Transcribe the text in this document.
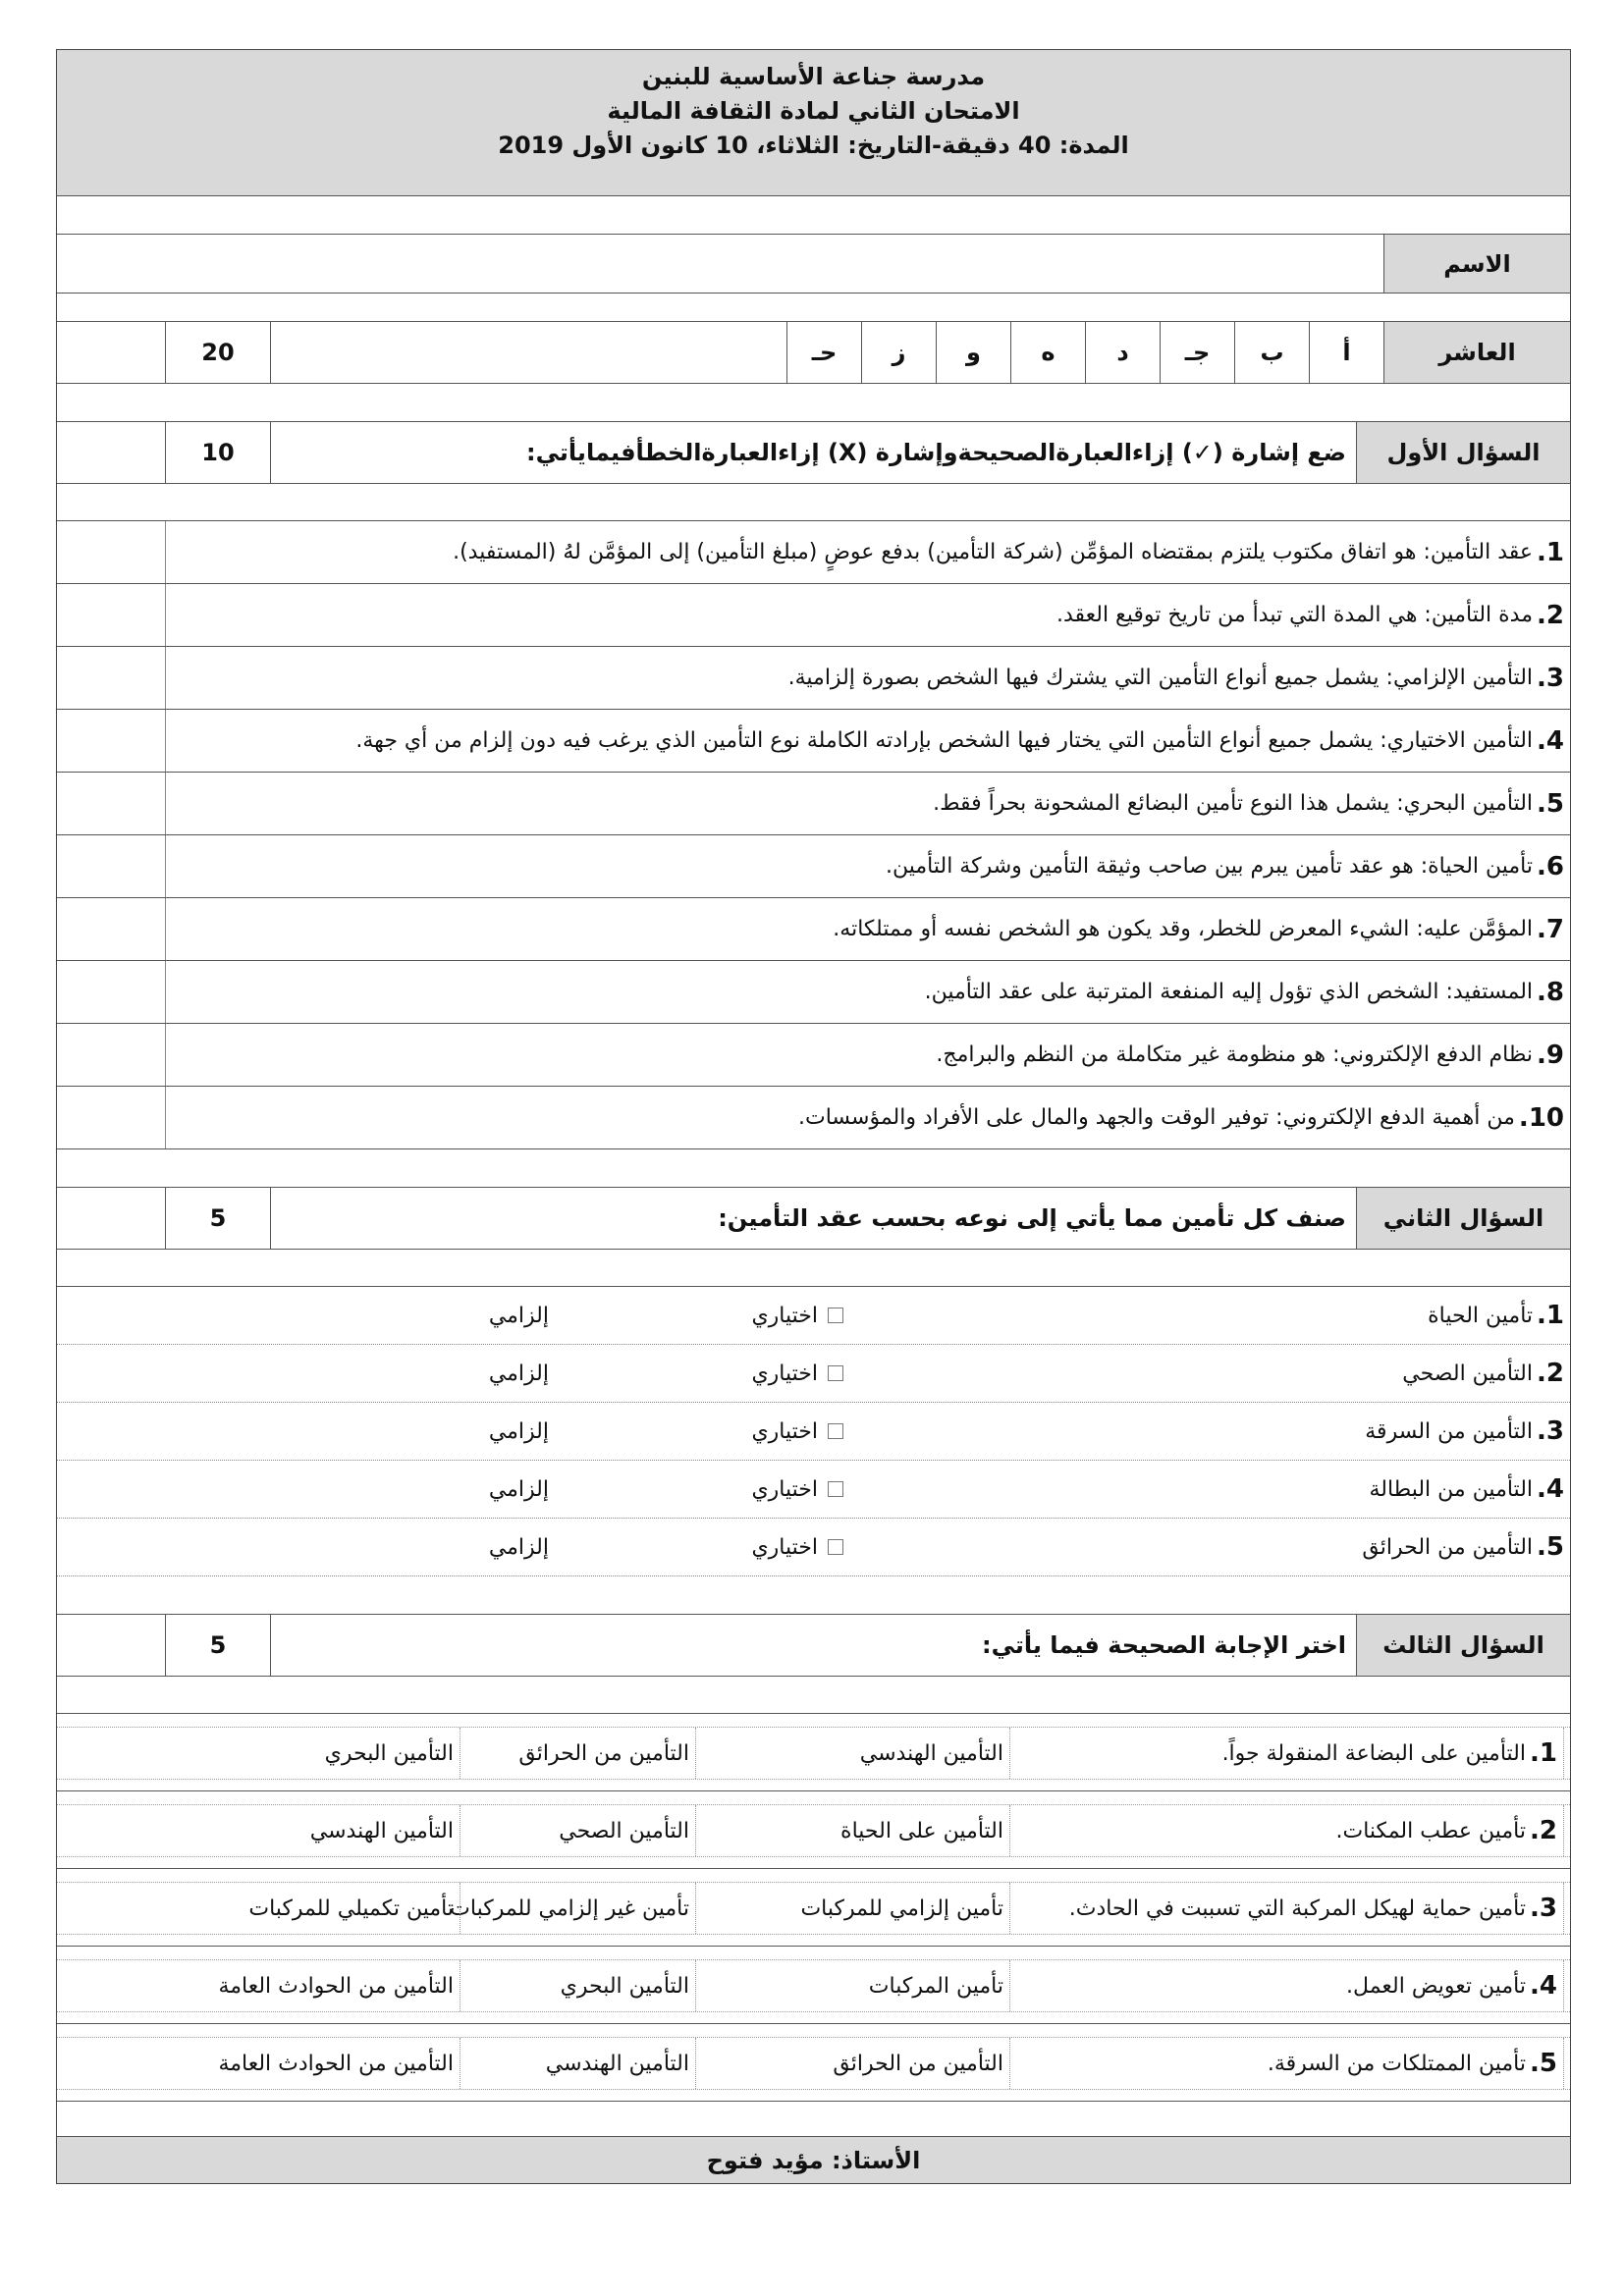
مدرسة جناعة الأساسية للبنين
الامتحان الثاني لمادة الثقافة المالية
المدة: 40 دقيقة-التاريخ: الثلاثاء، 10 كانون الأول 2019
الاسم
العاشر
20	أ
ب
جـ
د
ه
و
ز
حـ
السؤال الأول
ضع إشارة (✓) إزاءالعبارةالصحيحةوإشارة (X) إزاءالعبارةالخطأفيمايأتي:
10
1.
عقد التأمين: هو اتفاق مكتوب يلتزم بمقتضاه المؤمِّن (شركة التأمين) بدفع عوضٍ (مبلغ التأمين) إلى المؤمَّن لهُ (المستفيد).
2.
مدة التأمين: هي المدة التي تبدأ من تاريخ توقيع العقد.
3.
التأمين الإلزامي: يشمل جميع أنواع التأمين التي يشترك فيها الشخص بصورة إلزامية.
4.
التأمين الاختياري: يشمل جميع أنواع التأمين التي يختار فيها الشخص بإرادته الكاملة نوع التأمين الذي يرغب فيه دون إلزام من أي جهة.
5.
التأمين البحري: يشمل هذا النوع تأمين البضائع المشحونة بحراً فقط.
6.
تأمين الحياة: هو عقد تأمين يبرم بين صاحب وثيقة التأمين وشركة التأمين.
7.
المؤمَّن عليه: الشيء المعرض للخطر، وقد يكون هو الشخص نفسه أو ممتلكاته.
8.
المستفيد: الشخص الذي تؤول إليه المنفعة المترتبة على عقد التأمين.
9.
نظام الدفع الإلكتروني: هو منظومة غير متكاملة من النظم والبرامج.
10.
من أهمية الدفع الإلكتروني: توفير الوقت والجهد والمال على الأفراد والمؤسسات.
السؤال الثاني
صنف كل تأمين مما يأتي إلى نوعه بحسب عقد التأمين:
5
1.
تأمين الحياة
اختياري
إلزامي
2.
التأمين الصحي
اختياري
إلزامي
3.
التأمين من السرقة
اختياري
إلزامي
4.
التأمين من البطالة
اختياري
إلزامي
5.
التأمين من الحرائق
اختياري
إلزامي
السؤال الثالث
اختر الإجابة الصحيحة فيما يأتي:
5
1.
التأمين على البضاعة المنقولة جواً.
التأمين الهندسي
التأمين من الحرائق
التأمين البحري
2.
تأمين عطب المكنات.
التأمين على الحياة
التأمين الصحي
التأمين الهندسي
3.
تأمين حماية لهيكل المركبة التي تسببت في الحادث.
تأمين إلزامي للمركبات
تأمين غير إلزامي للمركبات
تأمين تكميلي للمركبات
4.
تأمين تعويض العمل.
تأمين المركبات
التأمين البحري
التأمين من الحوادث العامة
5.
تأمين الممتلكات من السرقة.
التأمين من الحرائق
التأمين الهندسي
التأمين من الحوادث العامة
الأستاذ: مؤيد فتوح
